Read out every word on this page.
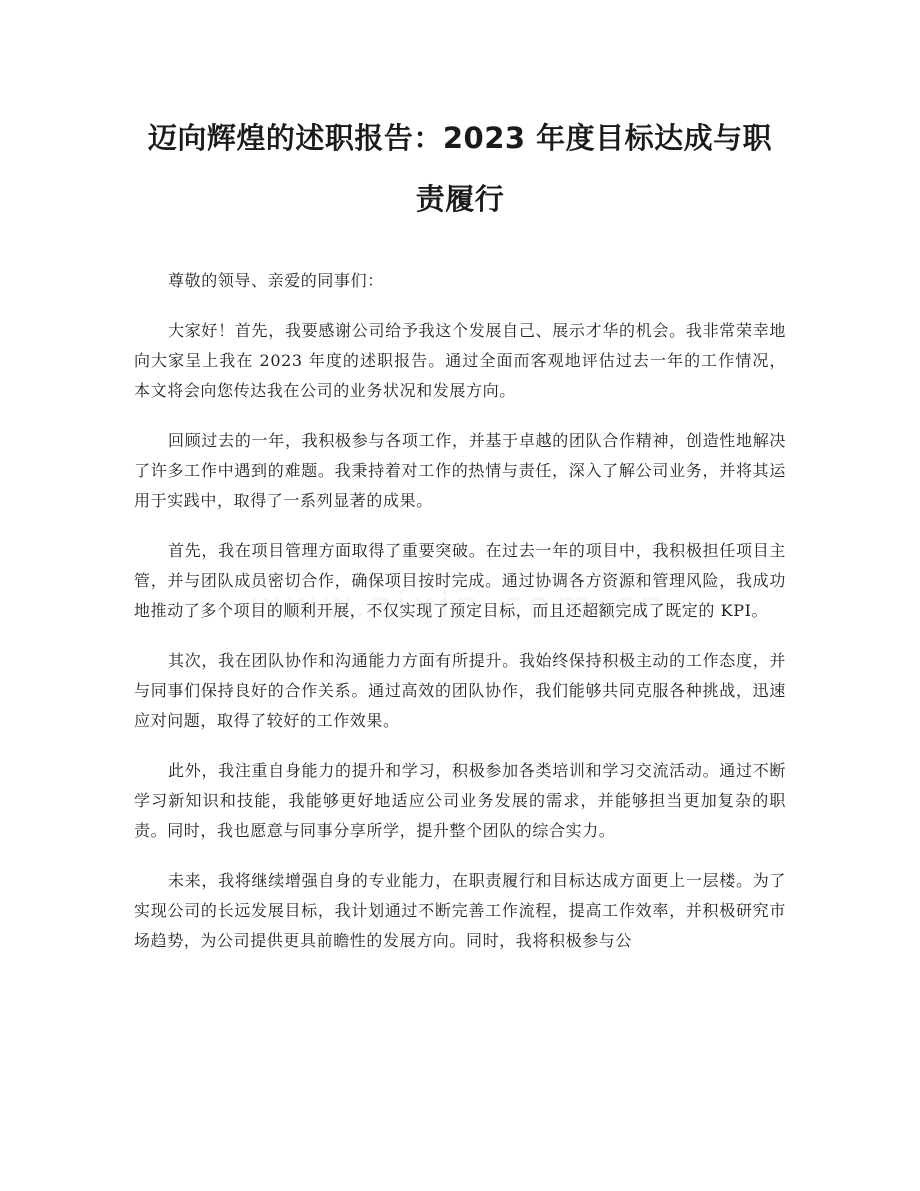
迈向辉煌的述职报告：2023 年度目标达成与职责履行

尊敬的领导、亲爱的同事们：

大家好！首先，我要感谢公司给予我这个发展自己、展示才华的机会。我非常荣幸地向大家呈上我在 2023 年度的述职报告。通过全面而客观地评估过去一年的工作情况，本文将会向您传达我在公司的业务状况和发展方向。

回顾过去的一年，我积极参与各项工作，并基于卓越的团队合作精神，创造性地解决了许多工作中遇到的难题。我秉持着对工作的热情与责任，深入了解公司业务，并将其运用于实践中，取得了一系列显著的成果。

首先，我在项目管理方面取得了重要突破。在过去一年的项目中，我积极担任项目主管，并与团队成员密切合作，确保项目按时完成。通过协调各方资源和管理风险，我成功地推动了多个项目的顺利开展，不仅实现了预定目标，而且还超额完成了既定的 KPI。

其次，我在团队协作和沟通能力方面有所提升。我始终保持积极主动的工作态度，并与同事们保持良好的合作关系。通过高效的团队协作，我们能够共同克服各种挑战，迅速应对问题，取得了较好的工作效果。

此外，我注重自身能力的提升和学习，积极参加各类培训和学习交流活动。通过不断学习新知识和技能，我能够更好地适应公司业务发展的需求，并能够担当更加复杂的职责。同时，我也愿意与同事分享所学，提升整个团队的综合实力。

未来，我将继续增强自身的专业能力，在职责履行和目标达成方面更上一层楼。为了实现公司的长远发展目标，我计划通过不断完善工作流程，提高工作效率，并积极研究市场趋势，为公司提供更具前瞻性的发展方向。同时，我将积极参与公
